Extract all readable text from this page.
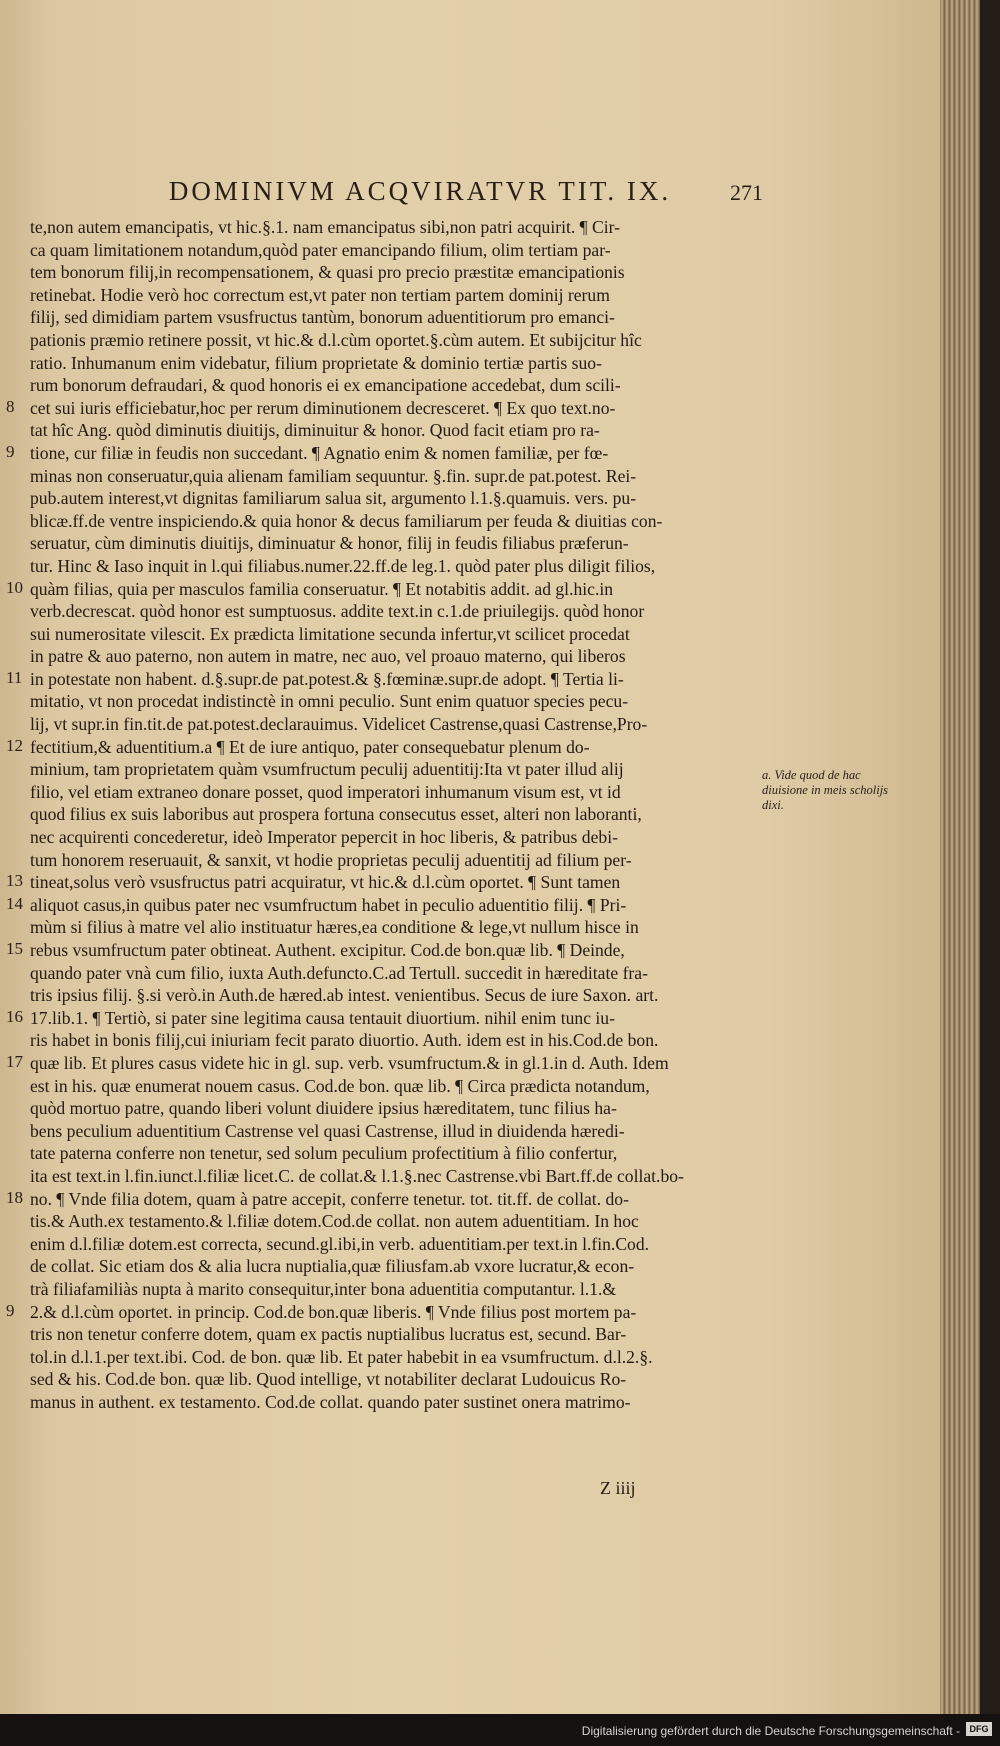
DOMINIVM ACQVIRATVR TIT. IX.	271
8
9
10
11
12
13
14
15
16
17
18
9
te,non autem emancipatis, vt hic.§.1. nam emancipatus sibi,non patri acquirit. ¶ Cir-
ca quam limitationem notandum,quòd pater emancipando filium, olim tertiam par-
tem bonorum filij,in recompensationem, & quasi pro precio præstitæ emancipationis
retinebat. Hodie verò hoc correctum est,vt pater non tertiam partem dominij rerum
filij, sed dimidiam partem vsusfructus tantùm, bonorum aduentitiorum pro emanci-
pationis præmio retinere possit, vt hic.& d.l.cùm oportet.§.cùm autem. Et subijcitur hîc
ratio. Inhumanum enim videbatur, filium proprietate & dominio tertiæ partis suo-
rum bonorum defraudari, & quod honoris ei ex emancipatione accedebat, dum scili-
cet sui iuris efficiebatur,hoc per rerum diminutionem decresceret. ¶ Ex quo text.no-
tat hîc Ang. quòd diminutis diuitijs, diminuitur & honor. Quod facit etiam pro ra-
tione, cur filiæ in feudis non succedant. ¶ Agnatio enim & nomen familiæ, per fœ-
minas non conseruatur,quia alienam familiam sequuntur. §.fin. supr.de pat.potest. Rei-
pub.autem interest,vt dignitas familiarum salua sit, argumento l.1.§.quamuis. vers. pu-
blicæ.ff.de ventre inspiciendo.& quia honor & decus familiarum per feuda & diuitias con-
seruatur, cùm diminutis diuitijs, diminuatur & honor, filij in feudis filiabus præferun-
tur. Hinc & Iaso inquit in l.qui filiabus.numer.22.ff.de leg.1. quòd pater plus diligit filios,
quàm filias, quia per masculos familia conseruatur. ¶ Et notabitis addit. ad gl.hic.in
verb.decrescat. quòd honor est sumptuosus. addite text.in c.1.de priuilegijs. quòd honor
sui numerositate vilescit. Ex prædicta limitatione secunda infertur,vt scilicet procedat
in patre & auo paterno, non autem in matre, nec auo, vel proauo materno, qui liberos
in potestate non habent. d.§.supr.de pat.potest.& §.fœminæ.supr.de adopt. ¶ Tertia li-
mitatio, vt non procedat indistinctè in omni peculio. Sunt enim quatuor species pecu-
lij, vt supr.in fin.tit.de pat.potest.declarauimus. Videlicet Castrense,quasi Castrense,Pro-
fectitium,& aduentitium.a ¶ Et de iure antiquo, pater consequebatur plenum do-
minium, tam proprietatem quàm vsumfructum peculij aduentitij:Ita vt pater illud alij
filio, vel etiam extraneo donare posset, quod imperatori inhumanum visum est, vt id
quod filius ex suis laboribus aut prospera fortuna consecutus esset, alteri non laboranti,
nec acquirenti concederetur, ideò Imperator pepercit in hoc liberis, & patribus debi-
tum honorem reseruauit, & sanxit, vt hodie proprietas peculij aduentitij ad filium per-
tineat,solus verò vsusfructus patri acquiratur, vt hic.& d.l.cùm oportet. ¶ Sunt tamen
aliquot casus,in quibus pater nec vsumfructum habet in peculio aduentitio filij. ¶ Pri-
mùm si filius à matre vel alio instituatur hæres,ea conditione & lege,vt nullum hisce in
rebus vsumfructum pater obtineat. Authent. excipitur. Cod.de bon.quæ lib. ¶ Deinde,
quando pater vnà cum filio, iuxta Auth.defuncto.C.ad Tertull. succedit in hæreditate fra-
tris ipsius filij. §.si verò.in Auth.de hæred.ab intest. venientibus. Secus de iure Saxon. art.
17.lib.1. ¶ Tertiò, si pater sine legitima causa tentauit diuortium. nihil enim tunc iu-
ris habet in bonis filij,cui iniuriam fecit parato diuortio. Auth. idem est in his.Cod.de bon.
quæ lib. Et plures casus videte hic in gl. sup. verb. vsumfructum.& in gl.1.in d. Auth. Idem
est in his. quæ enumerat nouem casus. Cod.de bon. quæ lib. ¶ Circa prædicta notandum,
quòd mortuo patre, quando liberi volunt diuidere ipsius hæreditatem, tunc filius ha-
bens peculium aduentitium Castrense vel quasi Castrense, illud in diuidenda hæredi-
tate paterna conferre non tenetur, sed solum peculium profectitium à filio confertur,
ita est text.in l.fin.iunct.l.filiæ licet.C. de collat.& l.1.§.nec Castrense.vbi Bart.ff.de collat.bo-
no. ¶ Vnde filia dotem, quam à patre accepit, conferre tenetur. tot. tit.ff. de collat. do-
tis.& Auth.ex testamento.& l.filiæ dotem.Cod.de collat. non autem aduentitiam. In hoc
enim d.l.filiæ dotem.est correcta, secund.gl.ibi,in verb. aduentitiam.per text.in l.fin.Cod.
de collat. Sic etiam dos & alia lucra nuptialia,quæ filiusfam.ab vxore lucratur,& econ-
trà filiafamiliàs nupta à marito consequitur,inter bona aduentitia computantur. l.1.&
2.& d.l.cùm oportet. in princip. Cod.de bon.quæ liberis. ¶ Vnde filius post mortem pa-
tris non tenetur conferre dotem, quam ex pactis nuptialibus lucratus est, secund. Bar-
tol.in d.l.1.per text.ibi. Cod. de bon. quæ lib. Et pater habebit in ea vsumfructum. d.l.2.§.
sed & his. Cod.de bon. quæ lib. Quod intellige, vt notabiliter declarat Ludouicus Ro-
manus in authent. ex testamento. Cod.de collat. quando pater sustinet onera matrimo-
a. Vide quod de hac diuisione in meis scholijs dixi.
Z iiij
Digitalisierung gefördert durch die Deutsche Forschungsgemeinschaft -	DFG
